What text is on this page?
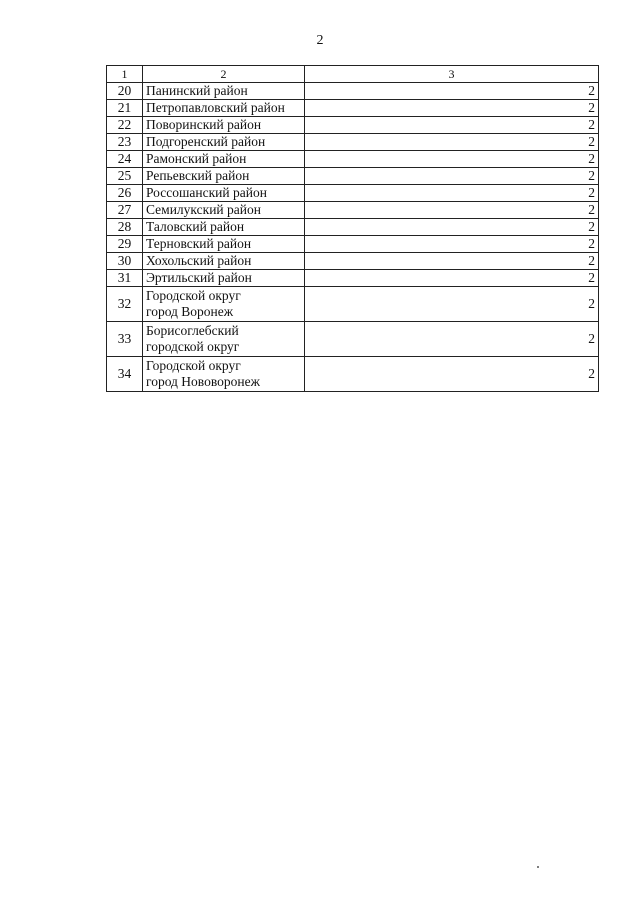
2
1	2	3
20	Панинский район	2
21	Петропавловский район	2
22	Поворинский район	2
23	Подгоренский район	2
24	Рамонский район	2
25	Репьевский район	2
26	Россошанский район	2
27	Семилукский район	2
28	Таловский район	2
29	Терновский район	2
30	Хохольский район	2
31	Эртильский район	2
32	Городской округ
город Воронеж	2
33	Борисоглебский
городской округ	2
34	Городской округ
город Нововоронеж	2
